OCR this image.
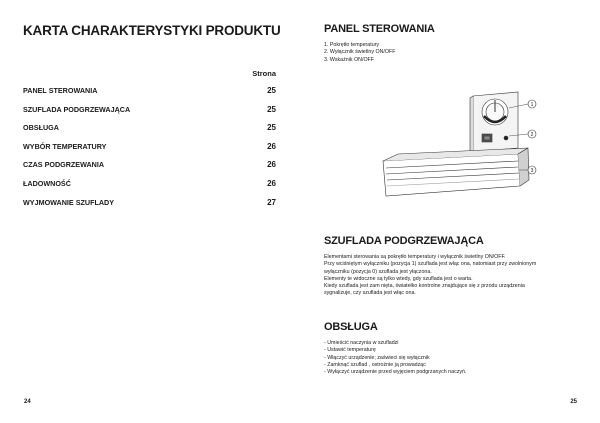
KARTA CHARAKTERYSTYKI PRODUKTU
Strona
PANEL STEROWANIA	25
SZUFLADA PODGRZEWAJĄCA	25
OBSŁUGA	25
WYBÓR TEMPERATURY	26
CZAS PODGRZEWANIA	26
ŁADOWNOŚĆ	26
WYJMOWANIE SZUFLADY	27
24
PANEL STEROWANIA
1. Pokrętło temperatury
2. Wyłącznik świetlny ON/OFF
3. Wskaźnik ON/OFF
1
2
3
SZUFLADA PODGRZEWAJĄCA
Elementami sterowania są pokrętło temperatury i wyłącznik świetlny ON/OFF.
Przy wciśniętym wyłączniku (pozycja 1) szuflada jest włąc ona, natomiast przy zwolnionym
wyłączniku (pozycja 0) szuflada jest yłączona.
Elementy te widoczne są tylko wtedy, gdy szuflada jest o warta.
Kiedy szuflada jest zam nięta, światełko kontrolne znajdujące się z przodu urządzenia
sygnalizuje, czy szuflada jest włąc ona.
OBSŁUGA
- Umieścić naczynia w szufladzi
- Ustawić temperaturę
- Włączyć urządzenie; zaświeci się wyłącznik
- Zamknąć szuflad , ostrożnie ją prowadząc
- Wyłączyć urządzenie przed wyjęciem podgrzanych naczyń.
25
